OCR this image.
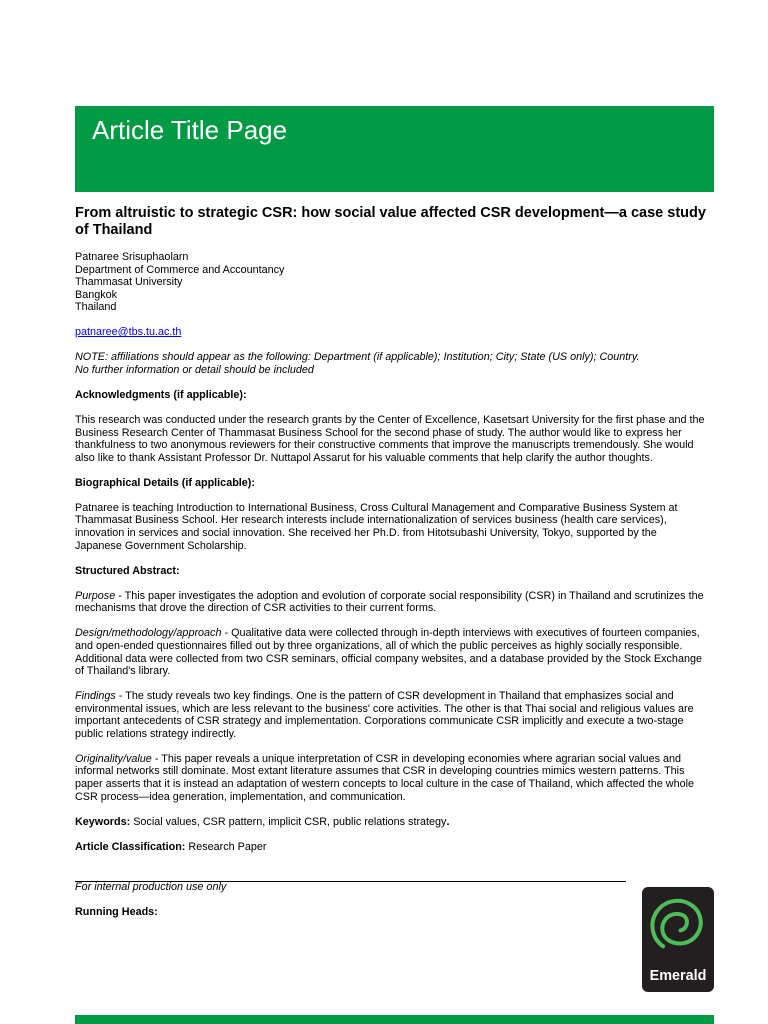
Article Title Page
From altruistic to strategic CSR: how social value affected CSR development—a case study
of Thailand
Patnaree Srisuphaolarn
Department of Commerce and Accountancy
Thammasat University
Bangkok
Thailand
patnaree@tbs.tu.ac.th
NOTE: affiliations should appear as the following: Department (if applicable); Institution; City; State (US only); Country.
No further information or detail should be included
Acknowledgments (if applicable):
This research was conducted under the research grants by the Center of Excellence, Kasetsart University for the first phase and the
Business Research Center of Thammasat Business School for the second phase of study. The author would like to express her
thankfulness to two anonymous reviewers for their constructive comments that improve the manuscripts tremendously. She would
also like to thank Assistant Professor Dr. Nuttapol Assarut for his valuable comments that help clarify the author thoughts.
Biographical Details (if applicable):
Patnaree is teaching Introduction to International Business, Cross Cultural Management and Comparative Business System at
Thammasat Business School. Her research interests include internationalization of services business (health care services),
innovation in services and social innovation. She received her Ph.D. from Hitotsubashi University, Tokyo, supported by the
Japanese Government Scholarship.
Structured Abstract:
Purpose - This paper investigates the adoption and evolution of corporate social responsibility (CSR) in Thailand and scrutinizes the
mechanisms that drove the direction of CSR activities to their current forms.
Design/methodology/approach - Qualitative data were collected through in-depth interviews with executives of fourteen companies,
and open-ended questionnaires filled out by three organizations, all of which the public perceives as highly socially responsible.
Additional data were collected from two CSR seminars, official company websites, and a database provided by the Stock Exchange
of Thailand's library.
Findings - The study reveals two key findings. One is the pattern of CSR development in Thailand that emphasizes social and
environmental issues, which are less relevant to the business' core activities. The other is that Thai social and religious values are
important antecedents of CSR strategy and implementation. Corporations communicate CSR implicitly and execute a two-stage
public relations strategy indirectly.
Originality/value - This paper reveals a unique interpretation of CSR in developing economies where agrarian social values and
informal networks still dominate. Most extant literature assumes that CSR in developing countries mimics western patterns. This
paper asserts that it is instead an adaptation of western concepts to local culture in the case of Thailand, which affected the whole
CSR process—idea generation, implementation, and communication.
Keywords: Social values, CSR pattern, implicit CSR, public relations strategy.
Article Classification: Research Paper
For internal production use only
Running Heads:
Emerald
